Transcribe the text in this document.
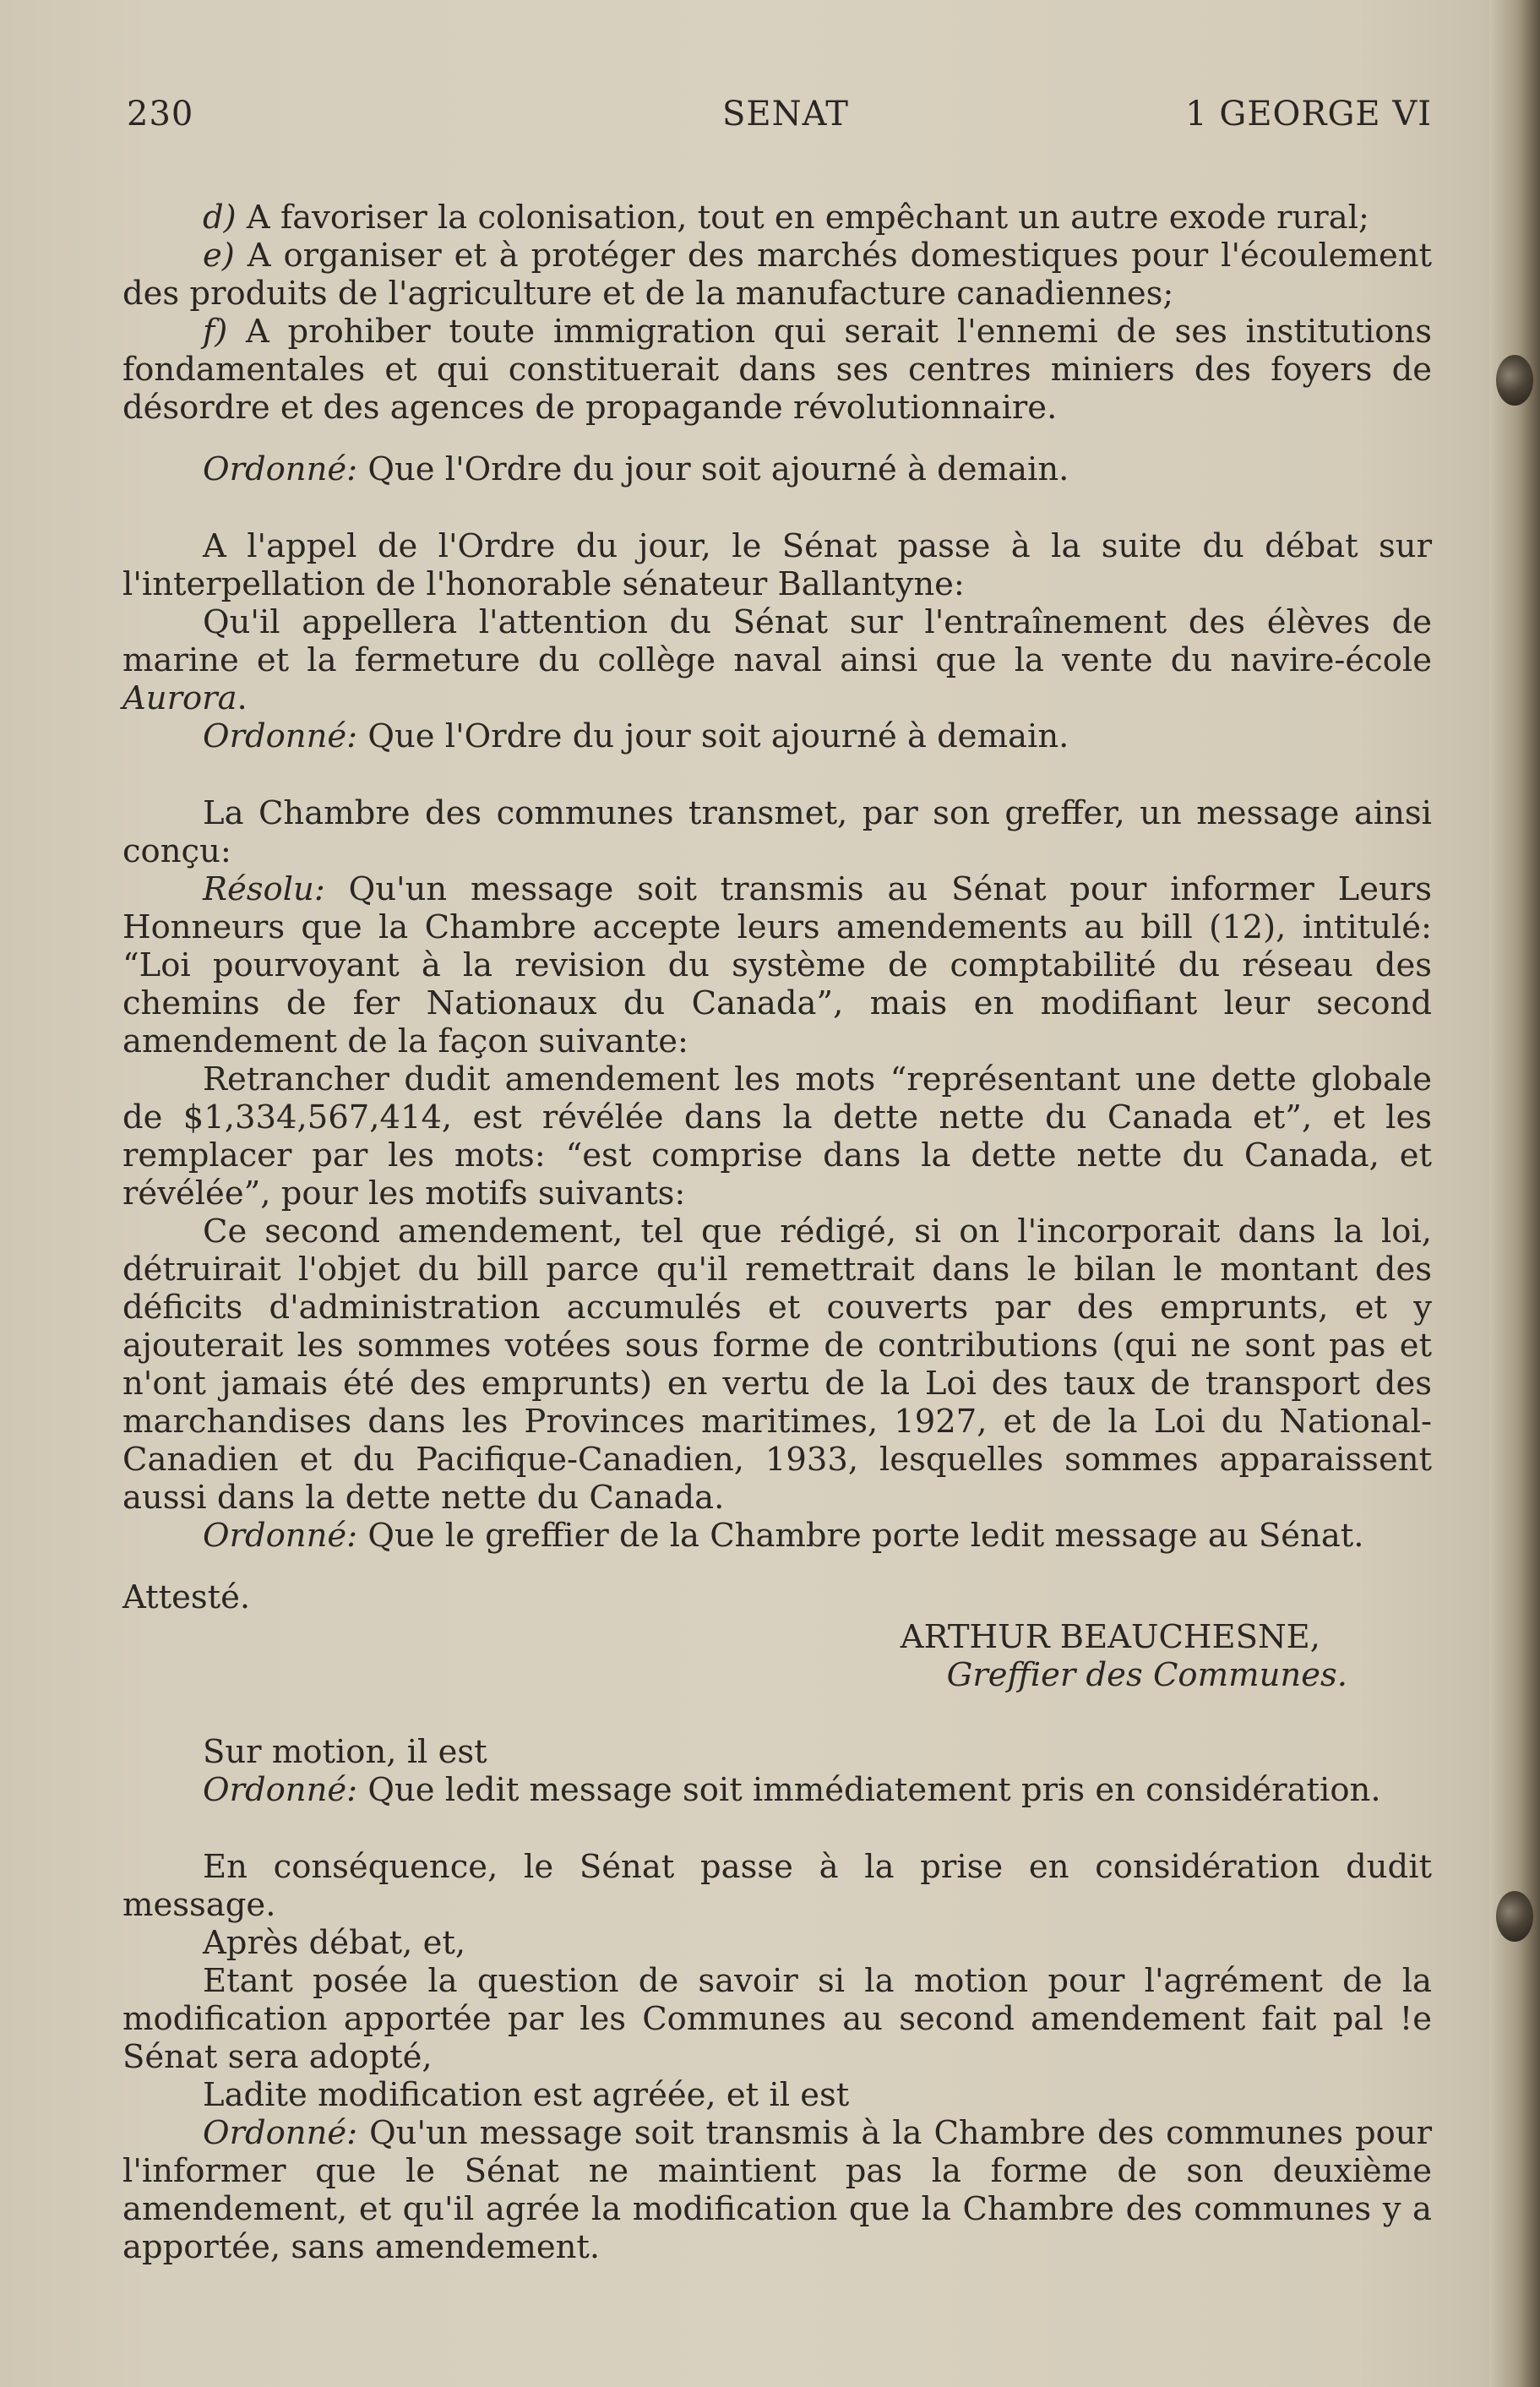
230	SENAT	1 GEORGE VI

d) A favoriser la colonisation, tout en empêchant un autre exode rural;

e) A organiser et à protéger des marchés domestiques pour l'écoulement des produits de l'agriculture et de la manufacture canadiennes;

f) A prohiber toute immigration qui serait l'ennemi de ses institutions fondamentales et qui constituerait dans ses centres miniers des foyers de désordre et des agences de propagande révolutionnaire.

Ordonné: Que l'Ordre du jour soit ajourné à demain.

A l'appel de l'Ordre du jour, le Sénat passe à la suite du débat sur l'interpellation de l'honorable sénateur Ballantyne:

Qu'il appellera l'attention du Sénat sur l'entraînement des élèves de marine et la fermeture du collège naval ainsi que la vente du navire-école Aurora.

Ordonné: Que l'Ordre du jour soit ajourné à demain.

La Chambre des communes transmet, par son greffer, un message ainsi conçu:

Résolu: Qu'un message soit transmis au Sénat pour informer Leurs Honneurs que la Chambre accepte leurs amendements au bill (12), intitulé: “Loi pourvoyant à la revision du système de comptabilité du réseau des chemins de fer Nationaux du Canada”, mais en modifiant leur second amendement de la façon suivante:

Retrancher dudit amendement les mots “représentant une dette globale de $1,334,567,414, est révélée dans la dette nette du Canada et”, et les remplacer par les mots: “est comprise dans la dette nette du Canada, et révélée”, pour les motifs suivants:

Ce second amendement, tel que rédigé, si on l'incorporait dans la loi, détruirait l'objet du bill parce qu'il remettrait dans le bilan le montant des déficits d'administration accumulés et couverts par des emprunts, et y ajouterait les sommes votées sous forme de contributions (qui ne sont pas et n'ont jamais été des emprunts) en vertu de la Loi des taux de transport des marchandises dans les Provinces maritimes, 1927, et de la Loi du National-Canadien et du Pacifique-Canadien, 1933, lesquelles sommes apparaissent aussi dans la dette nette du Canada.

Ordonné: Que le greffier de la Chambre porte ledit message au Sénat.

Attesté.

ARTHUR BEAUCHESNE,

Greffier des Communes.

Sur motion, il est

Ordonné: Que ledit message soit immédiatement pris en considération.

En conséquence, le Sénat passe à la prise en considération dudit message.

Après débat, et,

Etant posée la question de savoir si la motion pour l'agrément de la modification apportée par les Communes au second amendement fait pal !e Sénat sera adopté,

Ladite modification est agréée, et il est

Ordonné: Qu'un message soit transmis à la Chambre des communes pour l'informer que le Sénat ne maintient pas la forme de son deuxième amendement, et qu'il agrée la modification que la Chambre des communes y a apportée, sans amendement.
